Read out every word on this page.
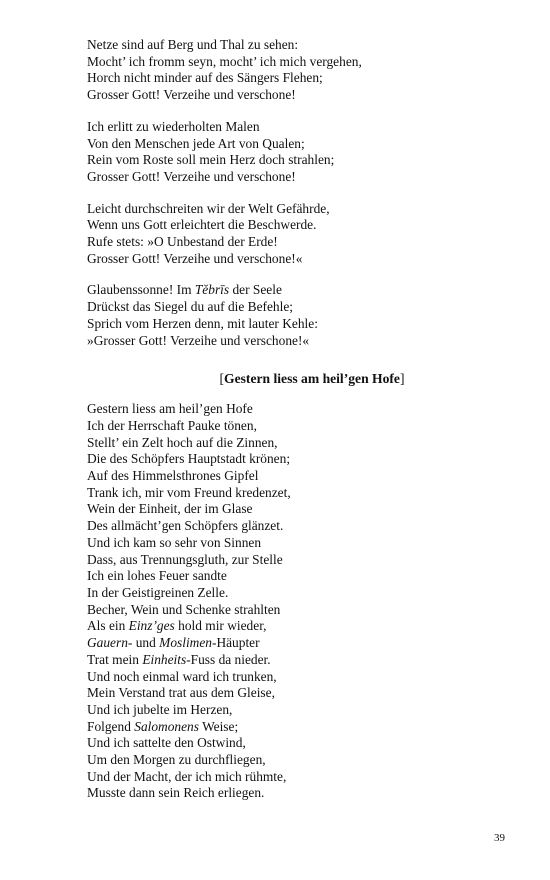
Netze sind auf Berg und Thal zu sehen:
Mocht’ ich fromm seyn, mocht’ ich mich vergehen,
Horch nicht minder auf des Sängers Flehen;
Grosser Gott! Verzeihe und verschone!
Ich erlitt zu wiederholten Malen
Von den Menschen jede Art von Qualen;
Rein vom Roste soll mein Herz doch strahlen;
Grosser Gott! Verzeihe und verschone!
Leicht durchschreiten wir der Welt Gefährde,
Wenn uns Gott erleichtert die Beschwerde.
Rufe stets: »O Unbestand der Erde!
Grosser Gott! Verzeihe und verschone!«
Glaubenssonne! Im Tĕbrīs der Seele
Drückst das Siegel du auf die Befehle;
Sprich vom Herzen denn, mit lauter Kehle:
»Grosser Gott! Verzeihe und verschone!«
[Gestern liess am heil’gen Hofe]
Gestern liess am heil’gen Hofe
Ich der Herrschaft Pauke tönen,
Stellt’ ein Zelt hoch auf die Zinnen,
Die des Schöpfers Hauptstadt krönen;
Auf des Himmelsthrones Gipfel
Trank ich, mir vom Freund kredenzet,
Wein der Einheit, der im Glase
Des allmächt’gen Schöpfers glänzet.
Und ich kam so sehr von Sinnen
Dass, aus Trennungsgluth, zur Stelle
Ich ein lohes Feuer sandte
In der Geistigreinen Zelle.
Becher, Wein und Schenke strahlten
Als ein Einz’ges hold mir wieder,
Gauern- und Moslimen-Häupter
Trat mein Einheits-Fuss da nieder.
Und noch einmal ward ich trunken,
Mein Verstand trat aus dem Gleise,
Und ich jubelte im Herzen,
Folgend Salomonens Weise;
Und ich sattelte den Ostwind,
Um den Morgen zu durchfliegen,
Und der Macht, der ich mich rühmte,
Musste dann sein Reich erliegen.
39
